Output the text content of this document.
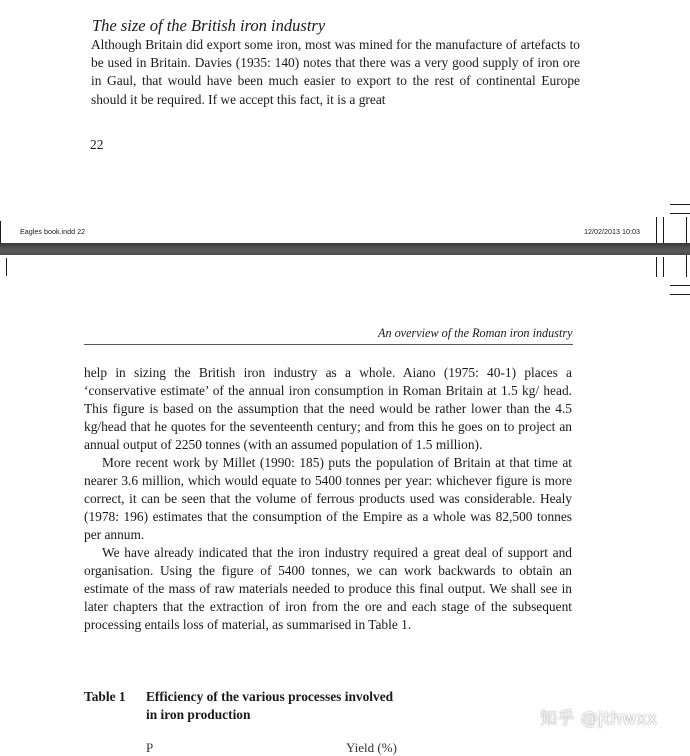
The size of the British iron industry

Although Britain did export some iron, most was mined for the manufacture of artefacts to be used in Britain. Davies (1935: 140) notes that there was a very good supply of iron ore in Gaul, that would have been much easier to export to the rest of continental Europe should it be required. If we accept this fact, it is a great

22
Eagles book.indd 22	12/02/2013 10:03
An overview of the Roman iron industry

help in sizing the British iron industry as a whole. Aiano (1975: 40-1) places a ‘conservative estimate’ of the annual iron consumption in Roman Britain at 1.5 kg/ head. This figure is based on the assumption that the need would be rather lower than the 4.5 kg/head that he quotes for the seventeenth century; and from this he goes on to project an annual output of 2250 tonnes (with an assumed population of 1.5 million).

More recent work by Millet (1990: 185) puts the population of Britain at that time at nearer 3.6 million, which would equate to 5400 tonnes per year: whichever figure is more correct, it can be seen that the volume of ferrous products used was considerable. Healy (1978: 196) estimates that the consumption of the Empire as a whole was 82,500 tonnes per annum.

We have already indicated that the iron industry required a great deal of support and organisation. Using the figure of 5400 tonnes, we can work backwards to obtain an estimate of the mass of raw materials needed to produce this final output. We shall see in later chapters that the extraction of iron from the ore and each stage of the subsequent processing entails loss of material, as summarised in Table 1.

Table 1 Efficiency of the various processes involved
in iron production
P	Yield (%)
知乎 @jthwxx
